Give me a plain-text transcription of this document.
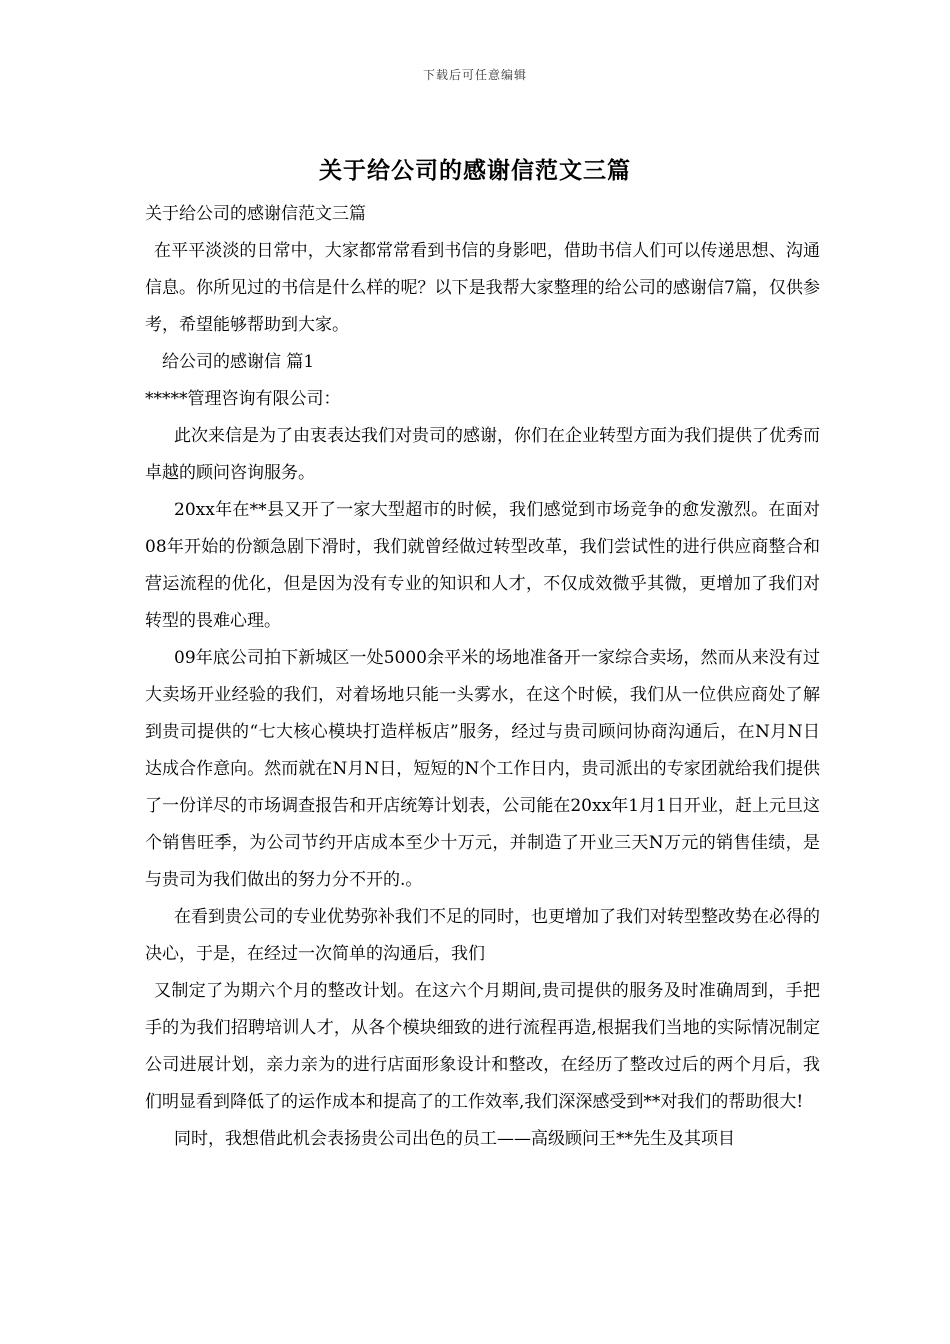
下载后可任意编辑
关于给公司的感谢信范文三篇

关于给公司的感谢信范文三篇

在平平淡淡的日常中，大家都常常看到书信的身影吧，借助书信人们可以传递思想、沟通信息。你所见过的书信是什么样的呢？以下是我帮大家整理的给公司的感谢信7篇，仅供参考，希望能够帮助到大家。

给公司的感谢信 篇1

*****管理咨询有限公司：

此次来信是为了由衷表达我们对贵司的感谢，你们在企业转型方面为我们提供了优秀而卓越的顾问咨询服务。

20xx年在**县又开了一家大型超市的时候，我们感觉到市场竞争的愈发激烈。在面对08年开始的份额急剧下滑时，我们就曾经做过转型改革，我们尝试性的进行供应商整合和营运流程的优化，但是因为没有专业的知识和人才，不仅成效微乎其微，更增加了我们对转型的畏难心理。

09年底公司拍下新城区一处5000余平米的场地准备开一家综合卖场，然而从来没有过大卖场开业经验的我们，对着场地只能一头雾水，在这个时候，我们从一位供应商处了解到贵司提供的“七大核心模块打造样板店”服务，经过与贵司顾问协商沟通后，在N月N日达成合作意向。然而就在N月N日，短短的N个工作日内，贵司派出的专家团就给我们提供了一份详尽的市场调查报告和开店统筹计划表，公司能在20xx年1月1日开业，赶上元旦这个销售旺季，为公司节约开店成本至少十万元，并制造了开业三天N万元的销售佳绩，是与贵司为我们做出的努力分不开的.。

在看到贵公司的专业优势弥补我们不足的同时，也更增加了我们对转型整改势在必得的决心，于是，在经过一次简单的沟通后，我们

又制定了为期六个月的整改计划。在这六个月期间,贵司提供的服务及时准确周到，手把手的为我们招聘培训人才，从各个模块细致的进行流程再造,根据我们当地的实际情况制定公司进展计划，亲力亲为的进行店面形象设计和整改，在经历了整改过后的两个月后，我们明显看到降低了的运作成本和提高了的工作效率,我们深深感受到**对我们的帮助很大!

同时，我想借此机会表扬贵公司出色的员工——高级顾问王**先生及其项目
